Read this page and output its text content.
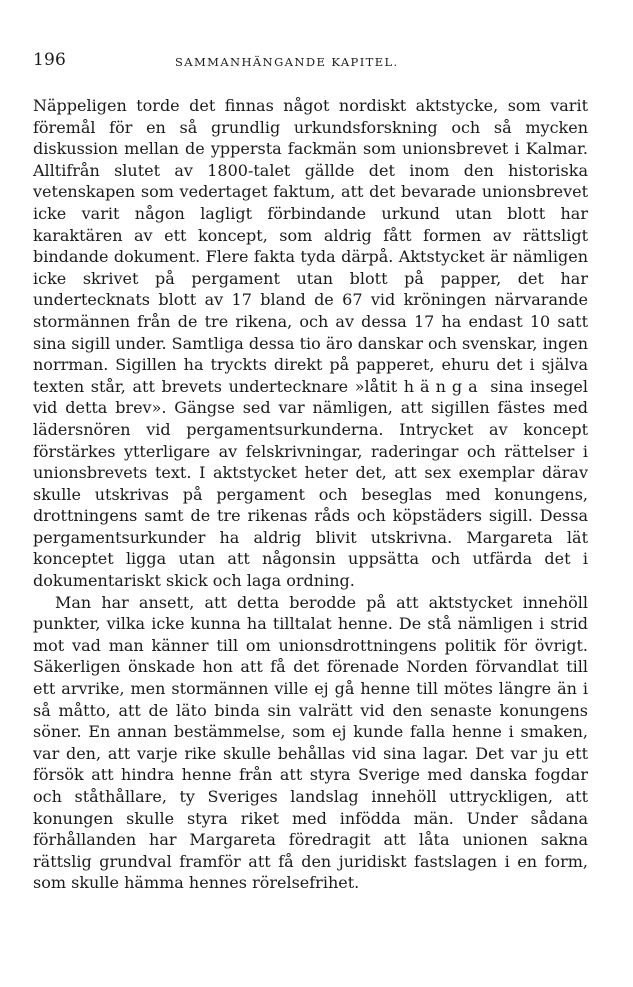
196	SAMMANHÄNGANDE KAPITEL.

Näppeligen torde det finnas något nordiskt aktstycke, som varit föremål för en så grundlig urkundsforskning och så mycken diskussion mellan de yppersta fackmän som unionsbrevet i Kalmar. Alltifrån slutet av 1800-talet gällde det inom den historiska vetenskapen som vedertaget faktum, att det bevarade unionsbrevet icke varit någon lagligt förbindande urkund utan blott har karaktären av ett koncept, som aldrig fått formen av rättsligt bindande dokument. Flere fakta tyda därpå. Aktstycket är nämligen icke skrivet på pergament utan blott på papper, det har undertecknats blott av 17 bland de 67 vid kröningen närvarande stormännen från de tre rikena, och av dessa 17 ha endast 10 satt sina sigill under. Samtliga dessa tio äro danskar och svenskar, ingen norrman. Sigillen ha tryckts direkt på papperet, ehuru det i själva texten står, att brevets undertecknare »låtit hänga sina insegel vid detta brev». Gängse sed var nämligen, att sigillen fästes med lädersnören vid pergamentsurkunderna. Intrycket av koncept förstärkes ytterligare av felskrivningar, raderingar och rättelser i unionsbrevets text. I aktstycket heter det, att sex exemplar därav skulle utskrivas på pergament och beseglas med konungens, drottningens samt de tre rikenas råds och köpstäders sigill. Dessa pergamentsurkunder ha aldrig blivit utskrivna. Margareta lät konceptet ligga utan att någonsin uppsätta och utfärda det i dokumentariskt skick och laga ordning.

Man har ansett, att detta berodde på att aktstycket innehöll punkter, vilka icke kunna ha tilltalat henne. De stå nämligen i strid mot vad man känner till om unionsdrottningens politik för övrigt. Säkerligen önskade hon att få det förenade Norden förvandlat till ett arvrike, men stormännen ville ej gå henne till mötes längre än i så måtto, att de läto binda sin valrätt vid den senaste konungens söner. En annan bestämmelse, som ej kunde falla henne i smaken, var den, att varje rike skulle behållas vid sina lagar. Det var ju ett försök att hindra henne från att styra Sverige med danska fogdar och ståthållare, ty Sveriges landslag innehöll uttryckligen, att konungen skulle styra riket med infödda män. Under sådana förhållanden har Margareta föredragit att låta unionen sakna rättslig grundval framför att få den juridiskt fastslagen i en form, som skulle hämma hennes rörelsefrihet.
